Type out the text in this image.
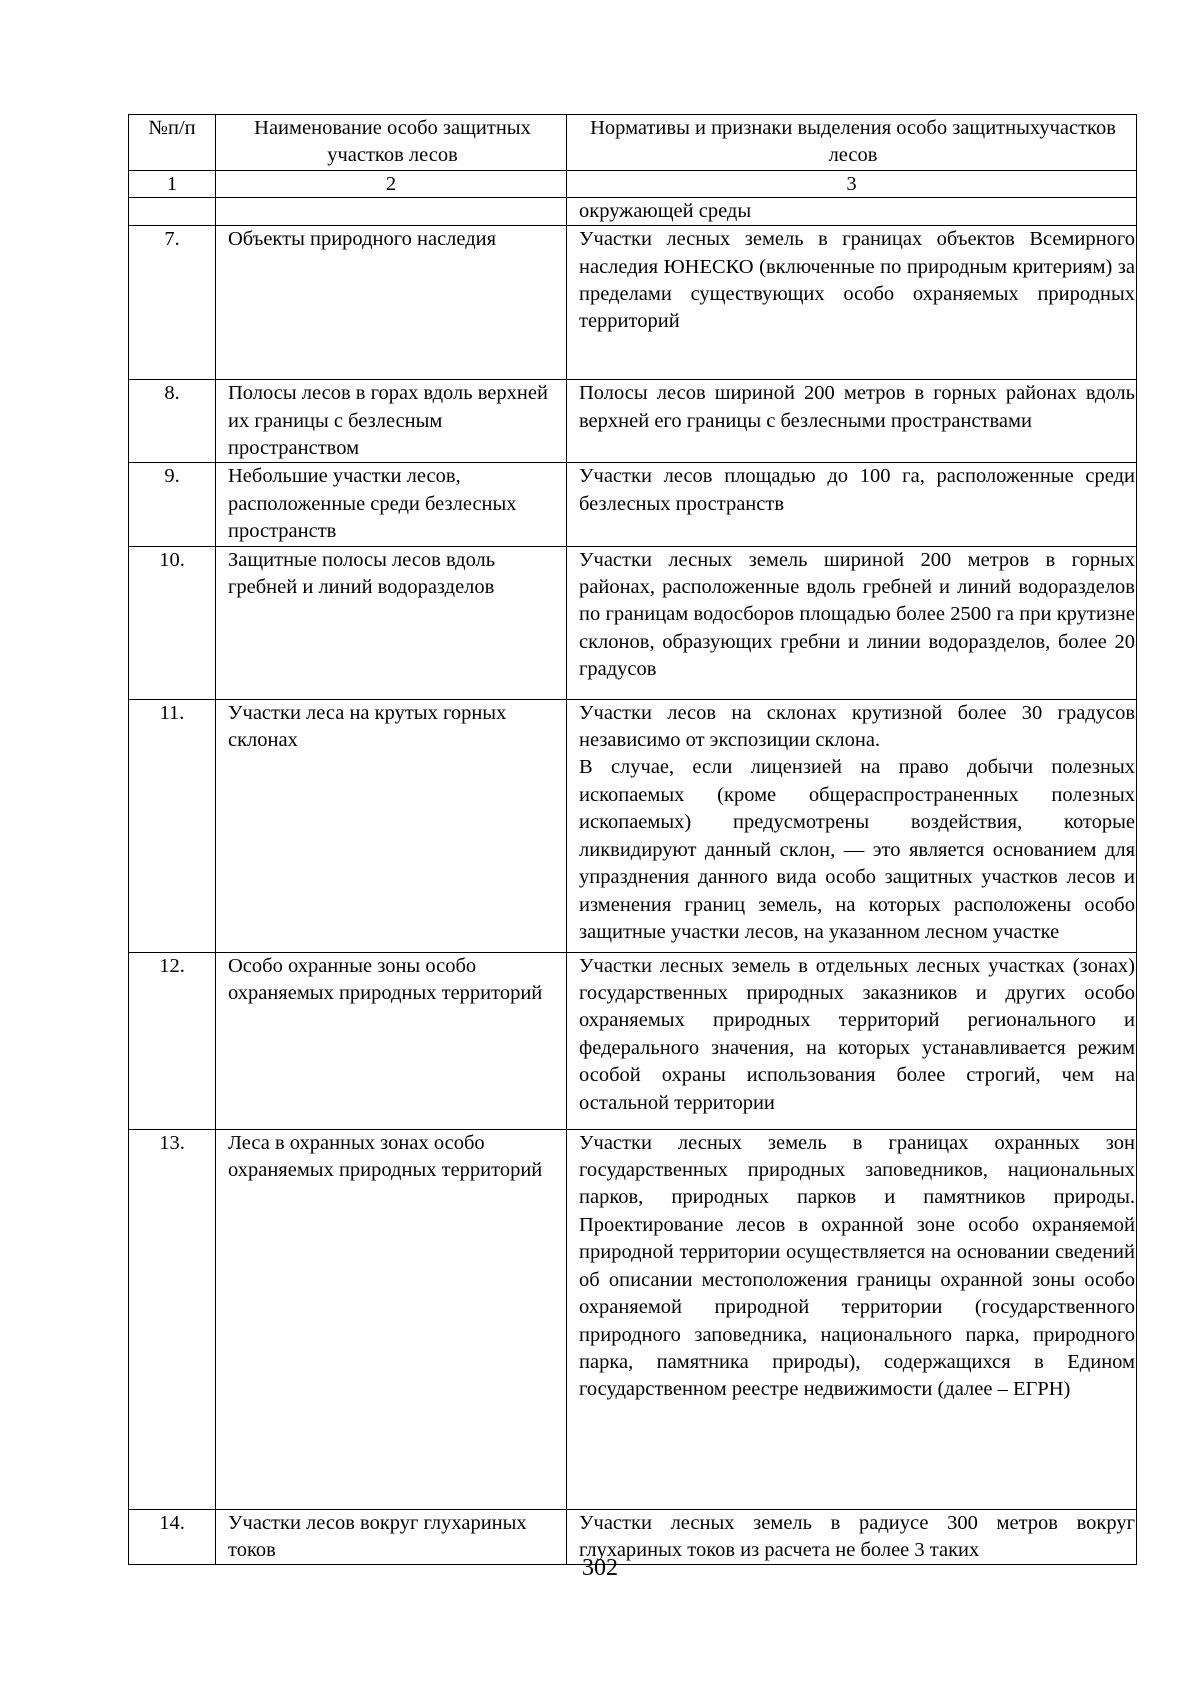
№п/п	Наименование особо защитных участков лесов	Нормативы и признаки выделения особо защитныхучастков лесов
1	2	3
		окружающей среды
7.	Объекты природного наследия	Участки лесных земель в границах объектов Всемирного наследия ЮНЕСКО (включенные по природным критериям) за пределами существующих особо охраняемых природных территорий

8.	Полосы лесов в горах вдоль верхней их границы с безлесным пространством	Полосы лесов шириной 200 метров в горных районах вдоль верхней его границы с безлесными пространствами

9.	Небольшие участки лесов, расположенные среди безлесных пространств	Участки лесов площадью до 100 га, расположенные среди безлесных пространств

10.	Защитные полосы лесов вдоль гребней и линий водоразделов	Участки лесных земель шириной 200 метров в горных районах, расположенные вдоль гребней и линий водоразделов по границам водосборов площадью более 2500 га при крутизне склонов, образующих гребни и линии водоразделов, более 20 градусов

11.	Участки леса на крутых горных склонах	Участки лесов на склонах крутизной более 30 градусов независимо от экспозиции склона.
В случае, если лицензией на право добычи полезных ископаемых (кроме общераспространенных полезных ископаемых) предусмотрены воздействия, которые ликвидируют данный склон, — это является основанием для упразднения данного вида особо защитных участков лесов и изменения границ земель, на которых расположены особо защитные участки лесов, на указанном лесном участке

12.	Особо охранные зоны особо охраняемых природных территорий	Участки лесных земель в отдельных лесных участках (зонах) государственных природных заказников и других особо охраняемых природных территорий регионального и федерального значения, на которых устанавливается режим особой охраны использования более строгий, чем на остальной территории

13.	Леса в охранных зонах особо охраняемых природных территорий	Участки лесных земель в границах охранных зон государственных природных заповедников, национальных парков, природных парков и памятников природы. Проектирование лесов в охранной зоне особо охраняемой природной территории осуществляется на основании сведений об описании местоположения границы охранной зоны особо охраняемой природной территории (государственного природного заповедника, национального парка, природного парка, памятника природы), содержащихся в Едином государственном реестре недвижимости (далее – ЕГРН)

14.	Участки лесов вокруг глухариных токов	Участки лесных земель в радиусе 300 метров вокруг глухариных токов из расчета не более 3 таких
302
